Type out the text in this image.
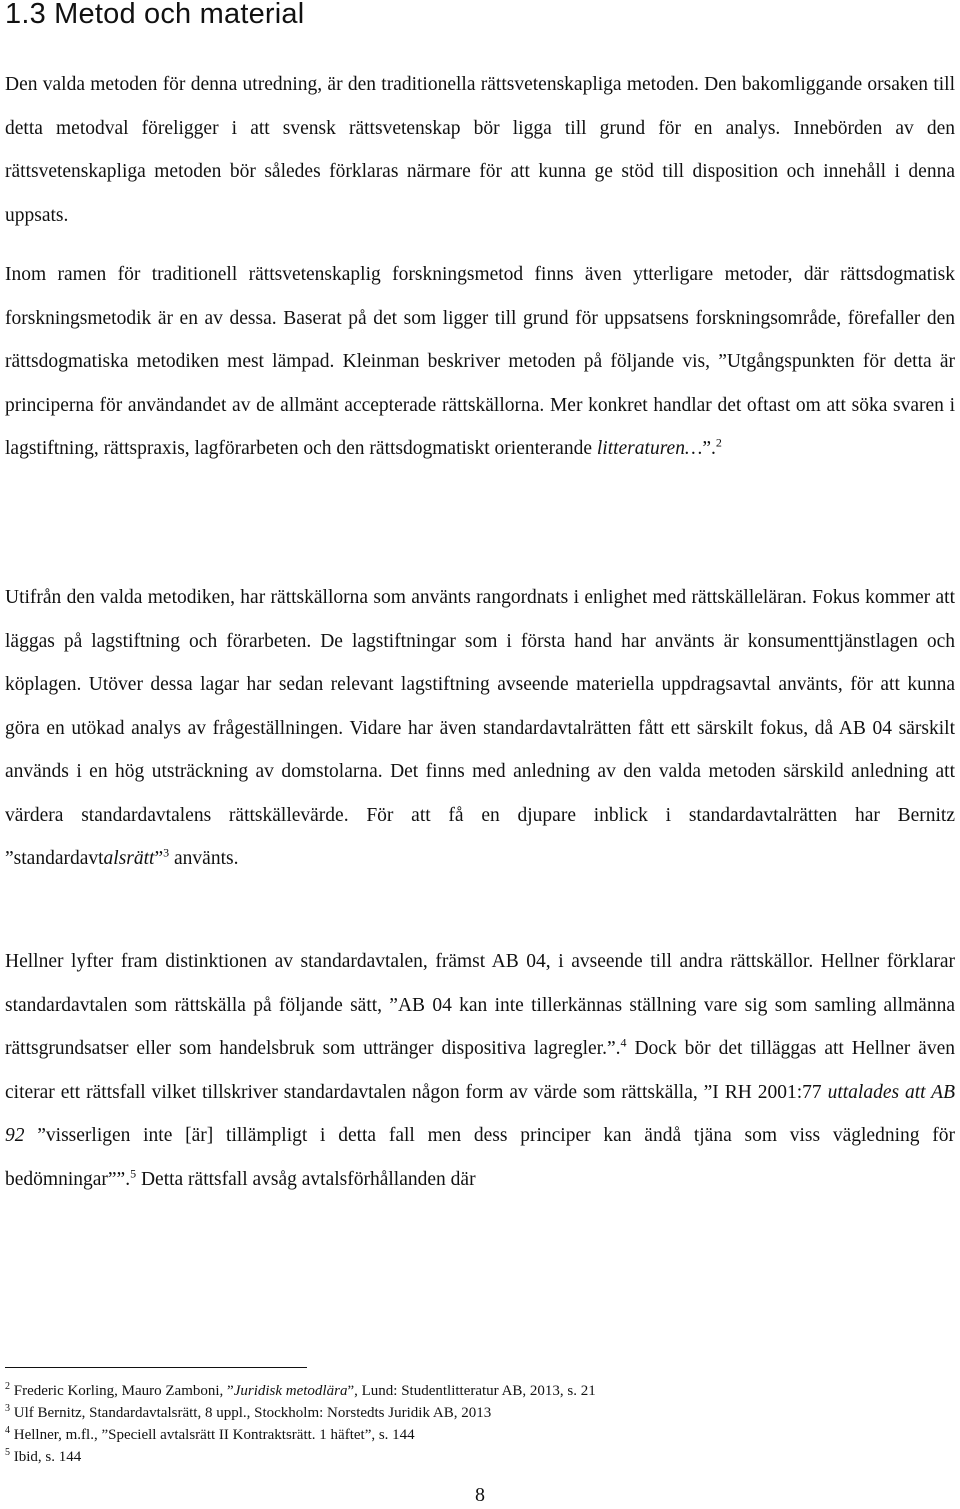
1.3 Metod och material

Den valda metoden för denna utredning, är den traditionella rättsvetenskapliga metoden. Den bakomliggande orsaken till detta metodval föreligger i att svensk rättsvetenskap bör ligga till grund för en analys. Innebörden av den rättsvetenskapliga metoden bör således förklaras närmare för att kunna ge stöd till disposition och innehåll i denna uppsats.

Inom ramen för traditionell rättsvetenskaplig forskningsmetod finns även ytterligare metoder, där rättsdogmatisk forskningsmetodik är en av dessa. Baserat på det som ligger till grund för uppsatsens forskningsområde, förefaller den rättsdogmatiska metodiken mest lämpad. Kleinman beskriver metoden på följande vis, ”Utgångspunkten för detta är principerna för användandet av de allmänt accepterade rättskällorna. Mer konkret handlar det oftast om att söka svaren i lagstiftning, rättspraxis, lagförarbeten och den rättsdogmatiskt orienterande litteraturen…”.$^2$

Utifrån den valda metodiken, har rättskällorna som använts rangordnats i enlighet med rättskälleläran. Fokus kommer att läggas på lagstiftning och förarbeten. De lagstiftningar som i första hand har använts är konsumenttjänstlagen och köplagen. Utöver dessa lagar har sedan relevant lagstiftning avseende materiella uppdragsavtal använts, för att kunna göra en utökad analys av frågeställningen. Vidare har även standardavtalrätten fått ett särskilt fokus, då AB 04 särskilt används i en hög utsträckning av domstolarna. Det finns med anledning av den valda metoden särskild anledning att värdera standardavtalens rättskällevärde. För att få en djupare inblick i standardavtalrätten har Bernitz ”standardavtalsrätt”$^3$ använts.

Hellner lyfter fram distinktionen av standardavtalen, främst AB 04, i avseende till andra rättskällor. Hellner förklarar standardavtalen som rättskälla på följande sätt, ”AB 04 kan inte tillerkännas ställning vare sig som samling allmänna rättsgrundsatser eller som handelsbruk som uttränger dispositiva lagregler.”.$^4$ Dock bör det tilläggas att Hellner även citerar ett rättsfall vilket tillskriver standardavtalen någon form av värde som rättskälla, ”I RH 2001:77 uttalades att AB 92 ”visserligen inte [är] tillämpligt i detta fall men dess principer kan ändå tjäna som viss vägledning för bedömningar””.$^5$ Detta rättsfall avsåg avtalsförhållanden där

$^2$ Frederic Korling, Mauro Zamboni, ”Juridisk metodlära”, Lund: Studentlitteratur AB, 2013, s. 21
$^3$ Ulf Bernitz, Standardavtalsrätt, 8 uppl., Stockholm: Norstedts Juridik AB, 2013
$^4$ Hellner, m.fl., ”Speciell avtalsrätt II Kontraktsrätt. 1 häftet”, s. 144
$^5$ Ibid, s. 144
8
